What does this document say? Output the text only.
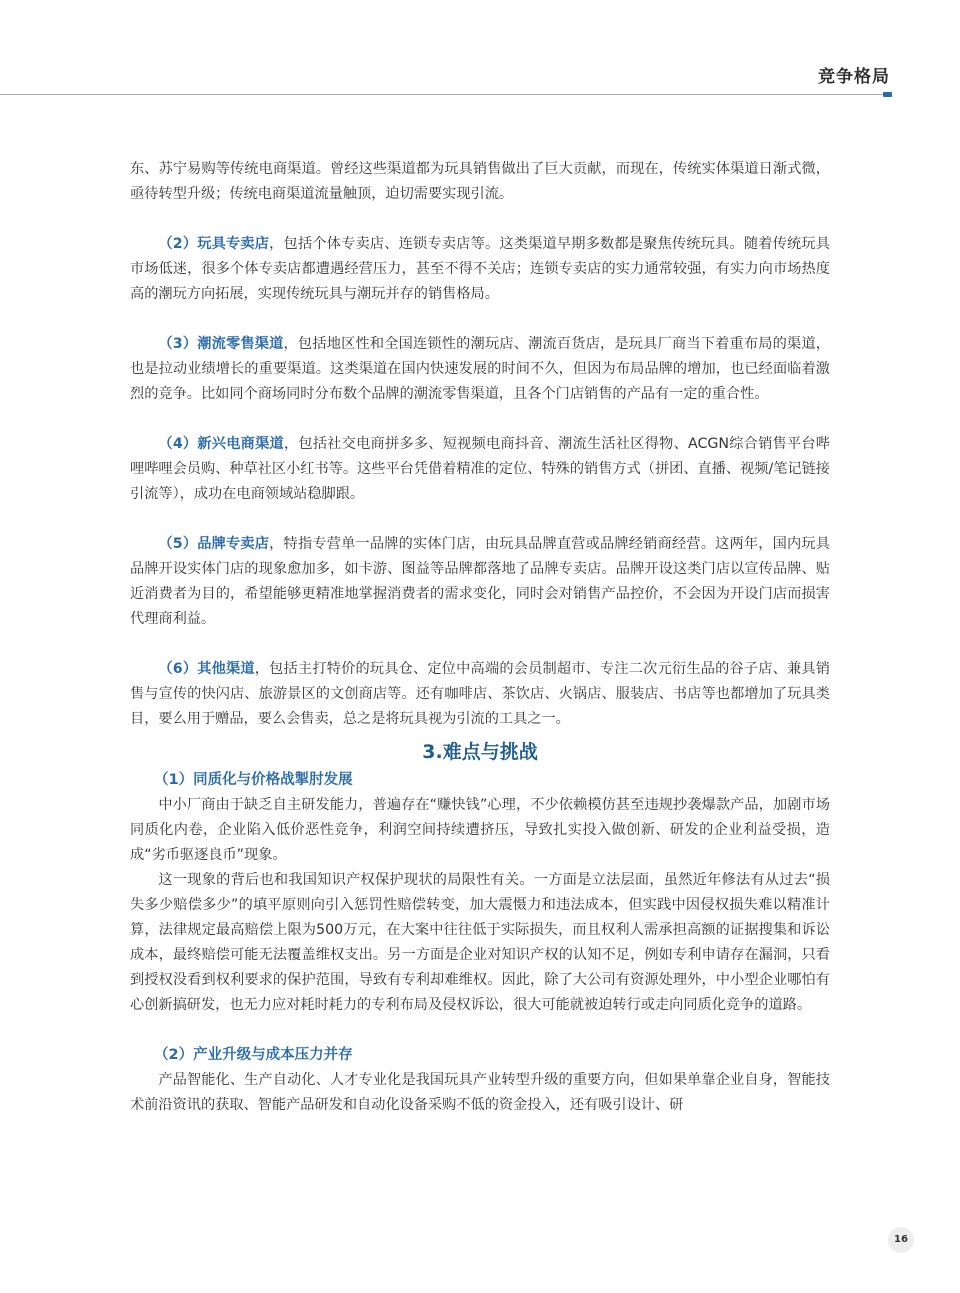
竞争格局

东、苏宁易购等传统电商渠道。曾经这些渠道都为玩具销售做出了巨大贡献，而现在，传统实体渠道日渐式微，亟待转型升级；传统电商渠道流量触顶，迫切需要实现引流。

（2）玩具专卖店，包括个体专卖店、连锁专卖店等。这类渠道早期多数都是聚焦传统玩具。随着传统玩具市场低迷，很多个体专卖店都遭遇经营压力，甚至不得不关店；连锁专卖店的实力通常较强，有实力向市场热度高的潮玩方向拓展，实现传统玩具与潮玩并存的销售格局。

（3）潮流零售渠道，包括地区性和全国连锁性的潮玩店、潮流百货店，是玩具厂商当下着重布局的渠道，也是拉动业绩增长的重要渠道。这类渠道在国内快速发展的时间不久，但因为布局品牌的增加，也已经面临着激烈的竞争。比如同个商场同时分布数个品牌的潮流零售渠道，且各个门店销售的产品有一定的重合性。

（4）新兴电商渠道，包括社交电商拼多多、短视频电商抖音、潮流生活社区得物、ACGN综合销售平台哔哩哔哩会员购、种草社区小红书等。这些平台凭借着精准的定位、特殊的销售方式（拼团、直播、视频/笔记链接引流等），成功在电商领域站稳脚跟。

（5）品牌专卖店，特指专营单一品牌的实体门店，由玩具品牌直营或品牌经销商经营。这两年，国内玩具品牌开设实体门店的现象愈加多，如卡游、图益等品牌都落地了品牌专卖店。品牌开设这类门店以宣传品牌、贴近消费者为目的，希望能够更精准地掌握消费者的需求变化，同时会对销售产品控价，不会因为开设门店而损害代理商利益。

（6）其他渠道，包括主打特价的玩具仓、定位中高端的会员制超市、专注二次元衍生品的谷子店、兼具销售与宣传的快闪店、旅游景区的文创商店等。还有咖啡店、茶饮店、火锅店、服装店、书店等也都增加了玩具类目，要么用于赠品，要么会售卖，总之是将玩具视为引流的工具之一。

3.难点与挑战
（1）同质化与价格战掣肘发展

中小厂商由于缺乏自主研发能力，普遍存在“赚快钱”心理，不少依赖模仿甚至违规抄袭爆款产品，加剧市场同质化内卷，企业陷入低价恶性竞争，利润空间持续遭挤压，导致扎实投入做创新、研发的企业利益受损，造成“劣币驱逐良币”现象。

这一现象的背后也和我国知识产权保护现状的局限性有关。一方面是立法层面，虽然近年修法有从过去“损失多少赔偿多少”的填平原则向引入惩罚性赔偿转变，加大震慑力和违法成本，但实践中因侵权损失难以精准计算，法律规定最高赔偿上限为500万元，在大案中往往低于实际损失，而且权利人需承担高额的证据搜集和诉讼成本，最终赔偿可能无法覆盖维权支出。另一方面是企业对知识产权的认知不足，例如专利申请存在漏洞，只看到授权没看到权利要求的保护范围，导致有专利却难维权。因此，除了大公司有资源处理外，中小型企业哪怕有心创新搞研发，也无力应对耗时耗力的专利布局及侵权诉讼，很大可能就被迫转行或走向同质化竞争的道路。

（2）产业升级与成本压力并存

产品智能化、生产自动化、人才专业化是我国玩具产业转型升级的重要方向，但如果单靠企业自身，智能技术前沿资讯的获取、智能产品研发和自动化设备采购不低的资金投入，还有吸引设计、研

16
